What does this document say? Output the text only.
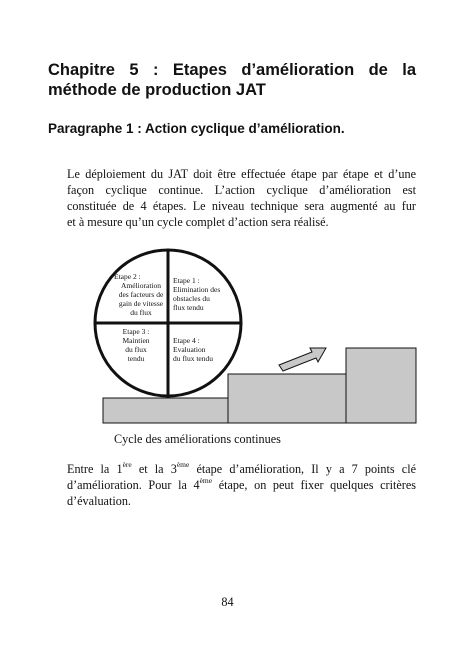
Chapitre 5 : Etapes d’amélioration de la
méthode de production JAT
Paragraphe 1 : Action cyclique d’amélioration.
Le déploiement du JAT doit être effectuée étape par étape et d’une
façon cyclique continue. L’action cyclique d’amélioration est
constituée de 4 étapes. Le niveau technique sera augmenté au fur
et à mesure qu’un cycle complet d’action sera réalisé.
Etape 2 :
Amélioration
des facteurs de
gain de vitesse
du flux
Etape 1 :
Elimination des
obstacles du
flux tendu
Etape 3 :
Maintien
du flux
tendu
Etape 4 :
Evaluation
du flux tendu
Cycle des améliorations continues
Entre la 1ère et la 3ème étape d’amélioration, Il y a 7 points clé
d’amélioration. Pour la 4ème étape, on peut fixer quelques critères
d’évaluation.
84
